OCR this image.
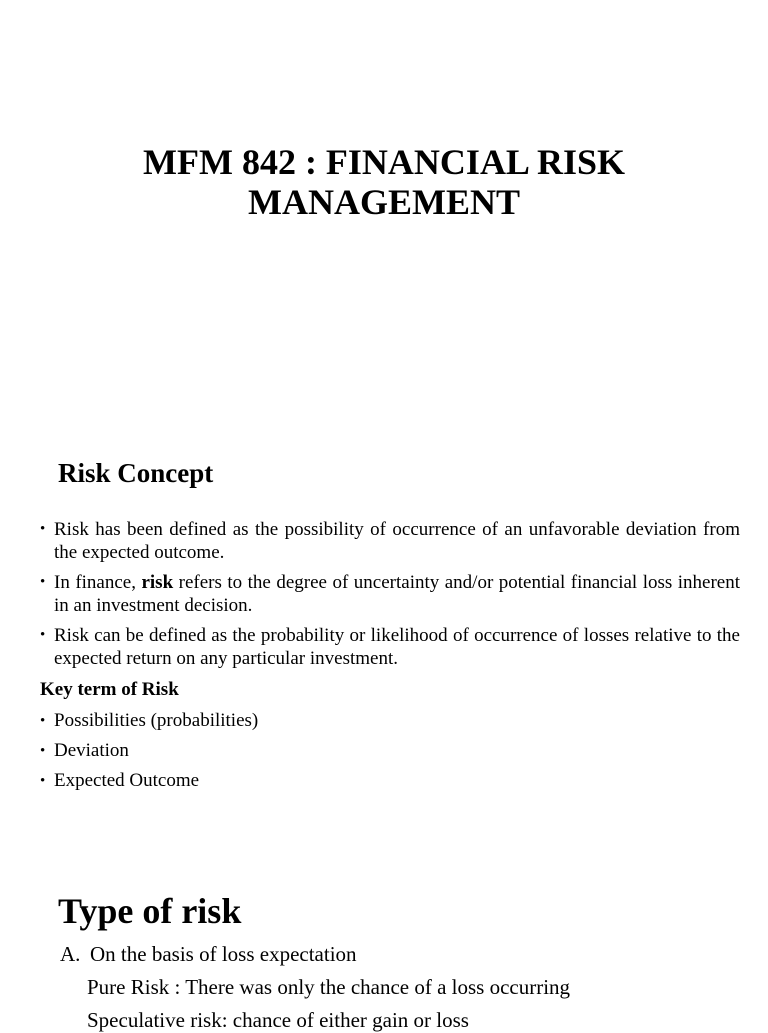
MFM 842 : FINANCIAL RISK
MANAGEMENT
Risk Concept
• Risk has been defined as the possibility of occurrence of an unfavorable deviation from the expected outcome.
• In finance, risk refers to the degree of uncertainty and/or potential financial loss inherent in an investment decision.
• Risk can be defined as the probability or likelihood of occurrence of losses relative to the expected return on any particular investment.
Key term of Risk
• Possibilities (probabilities)
• Deviation
• Expected Outcome
Type of risk
A. On the basis of loss expectation
Pure Risk : There was only the chance of a loss occurring
Speculative risk: chance of either gain or loss
